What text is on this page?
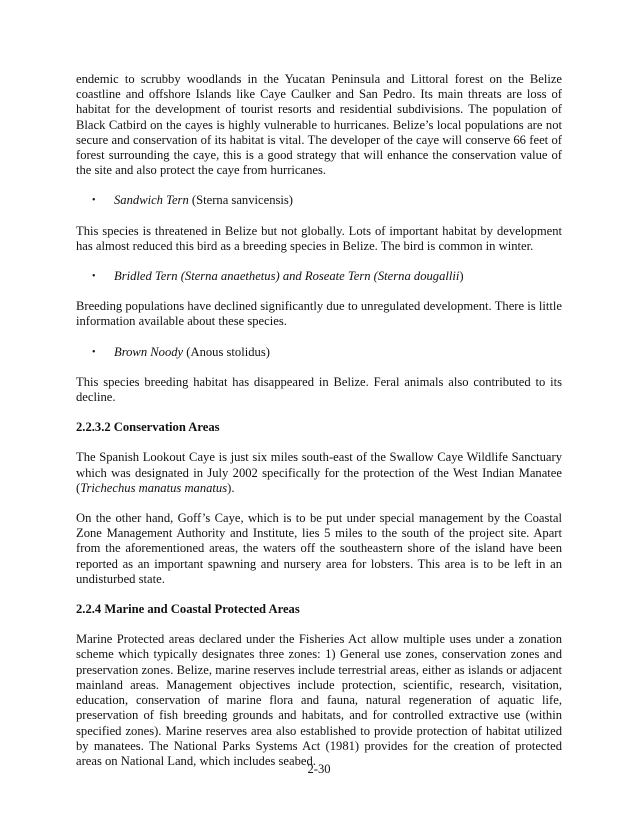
endemic to scrubby woodlands in the Yucatan Peninsula and Littoral forest on the Belize coastline and offshore Islands like Caye Caulker and San Pedro. Its main threats are loss of habitat for the development of tourist resorts and residential subdivisions. The population of Black Catbird on the cayes is highly vulnerable to hurricanes. Belize’s local populations are not secure and conservation of its habitat is vital. The developer of the caye will conserve 66 feet of forest surrounding the caye, this is a good strategy that will enhance the conservation value of the site and also protect the caye from hurricanes.

• Sandwich Tern (Sterna sanvicensis)

This species is threatened in Belize but not globally. Lots of important habitat by development has almost reduced this bird as a breeding species in Belize. The bird is common in winter.

• Bridled Tern (Sterna anaethetus) and Roseate Tern (Sterna dougallii)

Breeding populations have declined significantly due to unregulated development. There is little information available about these species.

• Brown Noody (Anous stolidus)

This species breeding habitat has disappeared in Belize. Feral animals also contributed to its decline.

2.2.3.2 Conservation Areas

The Spanish Lookout Caye is just six miles south-east of the Swallow Caye Wildlife Sanctuary which was designated in July 2002 specifically for the protection of the West Indian Manatee (Trichechus manatus manatus).

On the other hand, Goff’s Caye, which is to be put under special management by the Coastal Zone Management Authority and Institute, lies 5 miles to the south of the project site. Apart from the aforementioned areas, the waters off the southeastern shore of the island have been reported as an important spawning and nursery area for lobsters. This area is to be left in an undisturbed state.

2.2.4 Marine and Coastal Protected Areas

Marine Protected areas declared under the Fisheries Act allow multiple uses under a zonation scheme which typically designates three zones: 1) General use zones, conservation zones and preservation zones. Belize, marine reserves include terrestrial areas, either as islands or adjacent mainland areas. Management objectives include protection, scientific, research, visitation, education, conservation of marine flora and fauna, natural regeneration of aquatic life, preservation of fish breeding grounds and habitats, and for controlled extractive use (within specified zones). Marine reserves area also established to provide protection of habitat utilized by manatees. The National Parks Systems Act (1981) provides for the creation of protected areas on National Land, which includes seabed.

2-30
